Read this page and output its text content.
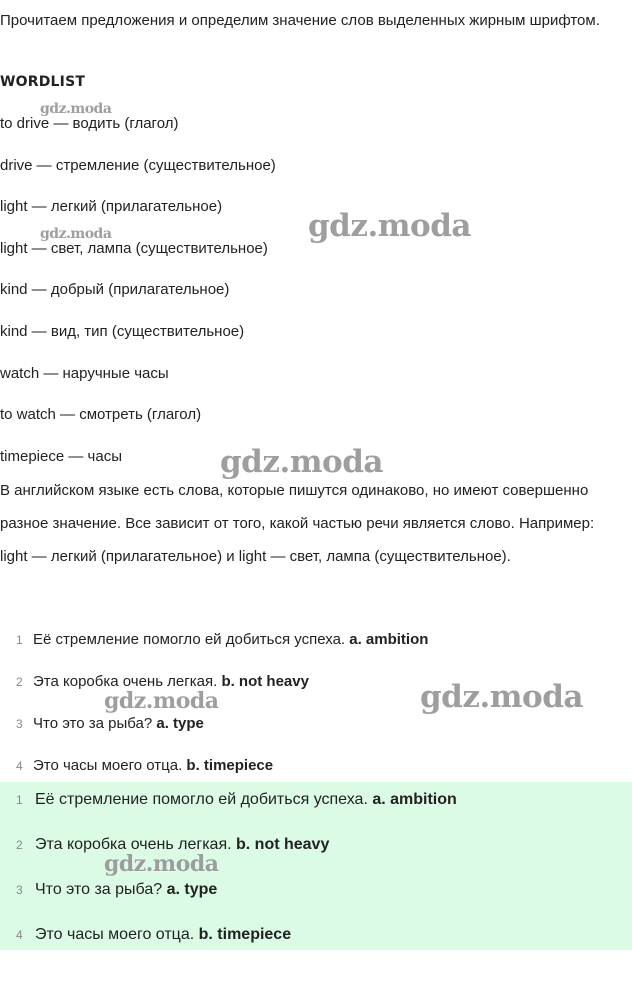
Прочитаем предложения и определим значение слов выделенных жирным шрифтом.

WORDLIST

to drive — водить (глагол)
drive — стремление (существительное)
light — легкий (прилагательное)
light — свет, лампа (существительное)
kind — добрый (прилагательное)
kind — вид, тип (существительное)
watch — наручные часы
to watch — смотреть (глагол)
timepiece — часы

В английском языке есть слова, которые пишутся одинаково, но имеют совершенно разное значение. Все зависит от того, какой частью речи является слово. Например: light — легкий (прилагательное) и light — свет, лампа (существительное).

1 Её стремление помогло ей добиться успеха. a. ambition
2 Эта коробка очень легкая. b. not heavy
3 Что это за рыба? a. type
4 Это часы моего отца. b. timepiece
1 Её стремление помогло ей добиться успеха. a. ambition
2 Эта коробка очень легкая. b. not heavy
3 Что это за рыба? a. type
4 Это часы моего отца. b. timepiece
gdz.moda
gdz.moda
gdz.moda
gdz.moda
gdz.moda
gdz.moda
gdz.moda
